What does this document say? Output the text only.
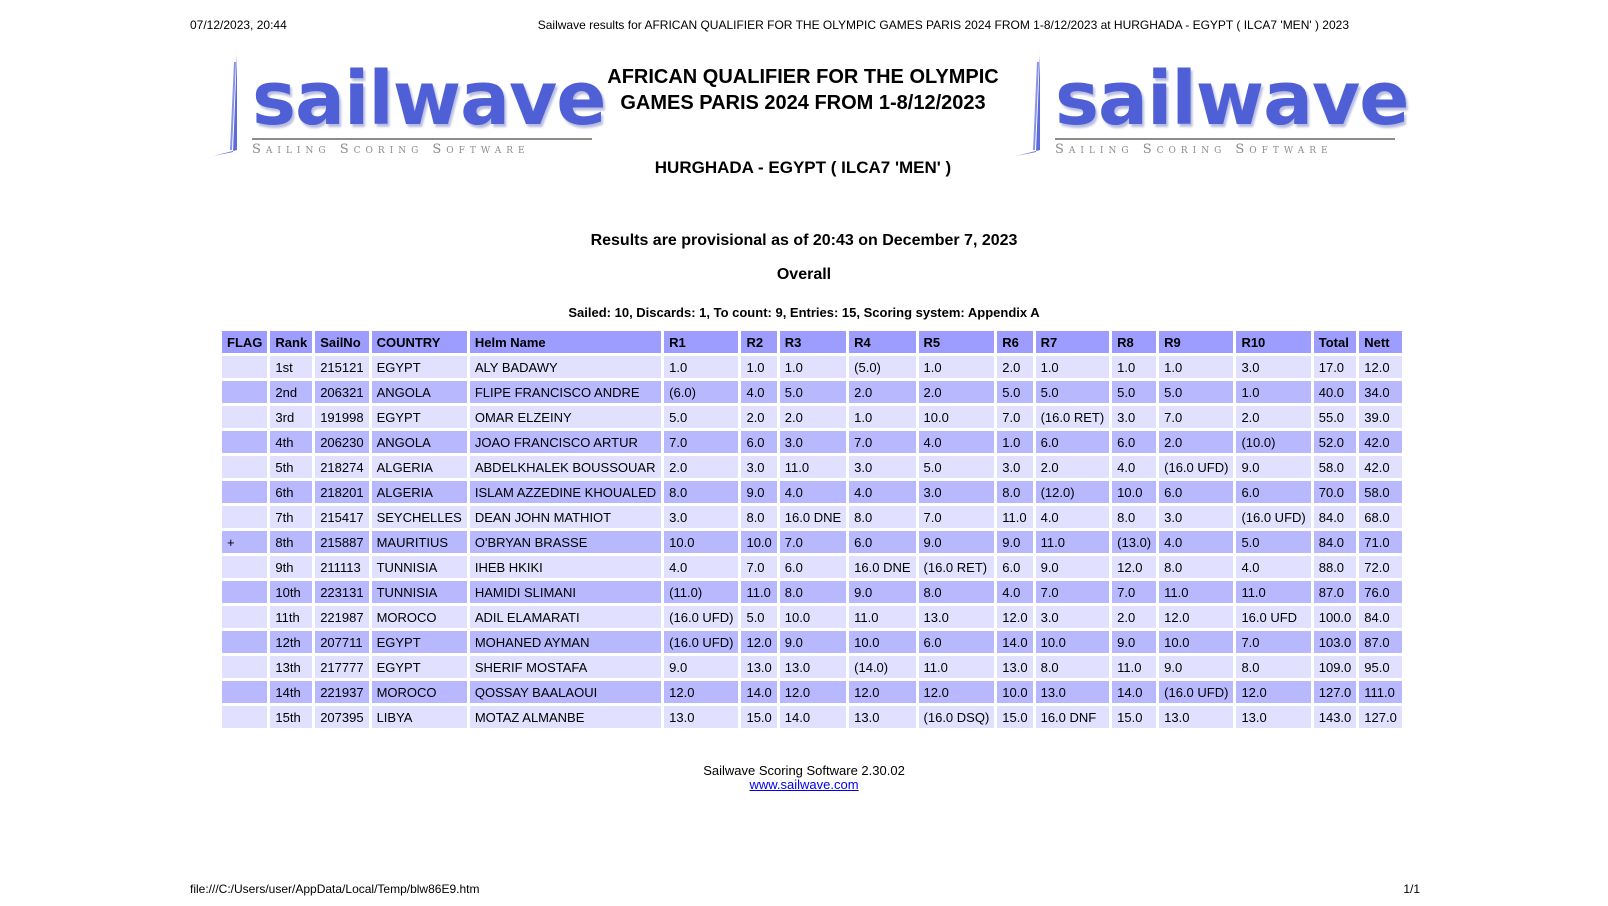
07/12/2023, 20:44	Sailwave results for AFRICAN QUALIFIER FOR THE OLYMPIC GAMES PARIS 2024 FROM 1-8/12/2023 at HURGHADA - EGYPT ( ILCA7 'MEN' ) 2023
sailwave
Sailing Scoring Software
sailwave
Sailing Scoring Software
AFRICAN QUALIFIER FOR THE OLYMPIC GAMES PARIS 2024 FROM 1-8/12/2023
HURGHADA - EGYPT ( ILCA7 'MEN' )
Results are provisional as of 20:43 on December 7, 2023
Overall
Sailed: 10, Discards: 1, To count: 9, Entries: 15, Scoring system: Appendix A
FLAG	Rank	SailNo	COUNTRY	Helm Name	R1	R2	R3	R4	R5	R6	R7	R8	R9	R10	Total	Nett
	1st	215121	EGYPT	ALY BADAWY	1.0	1.0	1.0	(5.0)	1.0	2.0	1.0	1.0	1.0	3.0	17.0	12.0
	2nd	206321	ANGOLA	FLIPE FRANCISCO ANDRE	(6.0)	4.0	5.0	2.0	2.0	5.0	5.0	5.0	5.0	1.0	40.0	34.0
	3rd	191998	EGYPT	OMAR ELZEINY	5.0	2.0	2.0	1.0	10.0	7.0	(16.0 RET)	3.0	7.0	2.0	55.0	39.0
	4th	206230	ANGOLA	JOAO FRANCISCO ARTUR	7.0	6.0	3.0	7.0	4.0	1.0	6.0	6.0	2.0	(10.0)	52.0	42.0
	5th	218274	ALGERIA	ABDELKHALEK BOUSSOUAR	2.0	3.0	11.0	3.0	5.0	3.0	2.0	4.0	(16.0 UFD)	9.0	58.0	42.0
	6th	218201	ALGERIA	ISLAM AZZEDINE KHOUALED	8.0	9.0	4.0	4.0	3.0	8.0	(12.0)	10.0	6.0	6.0	70.0	58.0
	7th	215417	SEYCHELLES	DEAN JOHN MATHIOT	3.0	8.0	16.0 DNE	8.0	7.0	11.0	4.0	8.0	3.0	(16.0 UFD)	84.0	68.0
+	8th	215887	MAURITIUS	O'BRYAN BRASSE	10.0	10.0	7.0	6.0	9.0	9.0	11.0	(13.0)	4.0	5.0	84.0	71.0
	9th	211113	TUNNISIA	IHEB HKIKI	4.0	7.0	6.0	16.0 DNE	(16.0 RET)	6.0	9.0	12.0	8.0	4.0	88.0	72.0
	10th	223131	TUNNISIA	HAMIDI SLIMANI	(11.0)	11.0	8.0	9.0	8.0	4.0	7.0	7.0	11.0	11.0	87.0	76.0
	11th	221987	MOROCO	ADIL ELAMARATI	(16.0 UFD)	5.0	10.0	11.0	13.0	12.0	3.0	2.0	12.0	16.0 UFD	100.0	84.0
	12th	207711	EGYPT	MOHANED AYMAN	(16.0 UFD)	12.0	9.0	10.0	6.0	14.0	10.0	9.0	10.0	7.0	103.0	87.0
	13th	217777	EGYPT	SHERIF MOSTAFA	9.0	13.0	13.0	(14.0)	11.0	13.0	8.0	11.0	9.0	8.0	109.0	95.0
	14th	221937	MOROCO	QOSSAY BAALAOUI	12.0	14.0	12.0	12.0	12.0	10.0	13.0	14.0	(16.0 UFD)	12.0	127.0	111.0
	15th	207395	LIBYA	MOTAZ ALMANBE	13.0	15.0	14.0	13.0	(16.0 DSQ)	15.0	16.0 DNF	15.0	13.0	13.0	143.0	127.0
Sailwave Scoring Software 2.30.02
www.sailwave.com
file:///C:/Users/user/AppData/Local/Temp/blw86E9.htm	1/1
